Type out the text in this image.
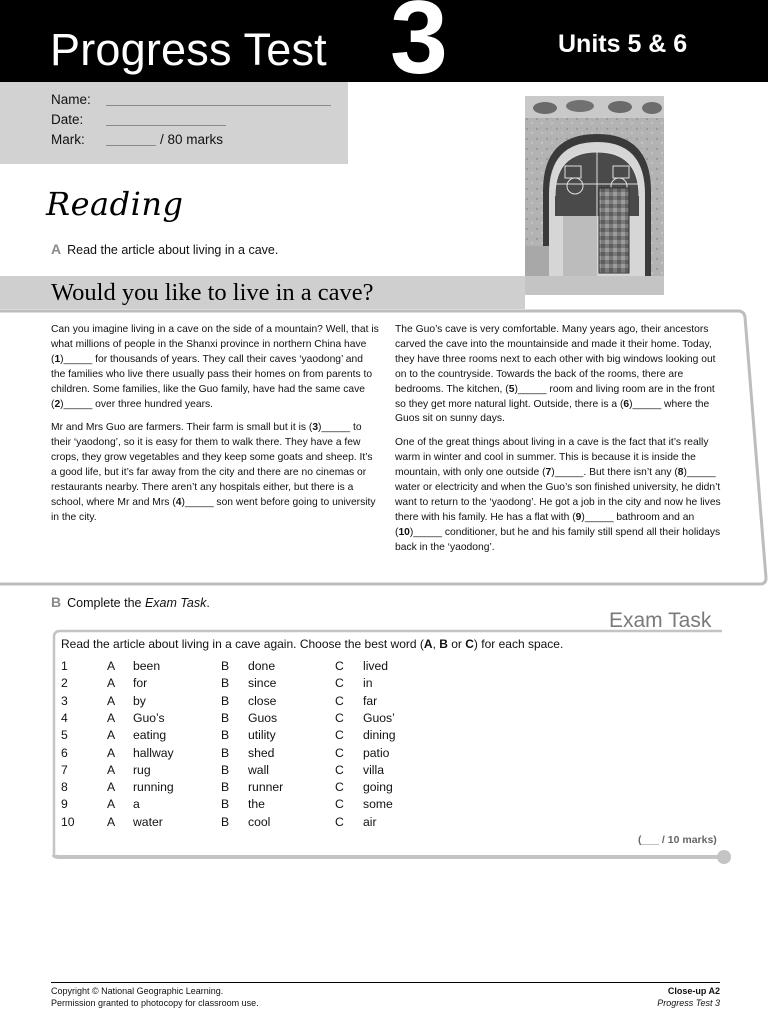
Progress Test 3	Units 5 & 6
Name:
Date:
Mark:	/ 80 marks
Reading
A Read the article about living in a cave.
Would you like to live in a cave?

Can you imagine living in a cave on the side of a mountain? Well, that is what millions of people in the Shanxi province in northern China have (1)_____ for thousands of years. They call their caves ‘yaodong’ and the families who live there usually pass their homes on from parents to children. Some families, like the Guo family, have had the same cave (2)_____ over three hundred years.

Mr and Mrs Guo are farmers. Their farm is small but it is (3)_____ to their ‘yaodong’, so it is easy for them to walk there. They have a few crops, they grow vegetables and they keep some goats and sheep. It’s a good life, but it’s far away from the city and there are no cinemas or restaurants nearby. There aren’t any hospitals either, but there is a school, where Mr and Mrs (4)_____ son went before going to university in the city.

The Guo’s cave is very comfortable. Many years ago, their ancestors carved the cave into the mountainside and made it their home. Today, they have three rooms next to each other with big windows looking out on to the countryside. Towards the back of the rooms, there are bedrooms. The kitchen, (5)_____ room and living room are in the front so they get more natural light. Outside, there is a (6)_____ where the Guos sit on sunny days.

One of the great things about living in a cave is the fact that it’s really warm in winter and cool in summer. This is because it is inside the mountain, with only one outside (7)_____. But there isn’t any (8)_____ water or electricity and when the Guo’s son finished university, he didn’t want to return to the ‘yaodong’. He got a job in the city and now he lives there with his family. He has a flat with (9)_____ bathroom and an (10)_____ conditioner, but he and his family still spend all their holidays back in the ‘yaodong’.

B Complete the Exam Task.
Exam Task
Read the article about living in a cave again. Choose the best word (A, B or C) for each space.
1	A been	B done	C lived
2	A for	B since	C in
3	A by	B close	C far
4	A Guo’s	B Guos	C Guos’
5	A eating	B utility	C dining
6	A hallway	B shed	C patio
7	A rug	B wall	C villa
8	A running	B runner	C going
9	A a	B the	C some
10	A water	B cool	C air
(___ / 10 marks)
Copyright © National Geographic Learning.
Permission granted to photocopy for classroom use.
Close-up A2
Progress Test 3
